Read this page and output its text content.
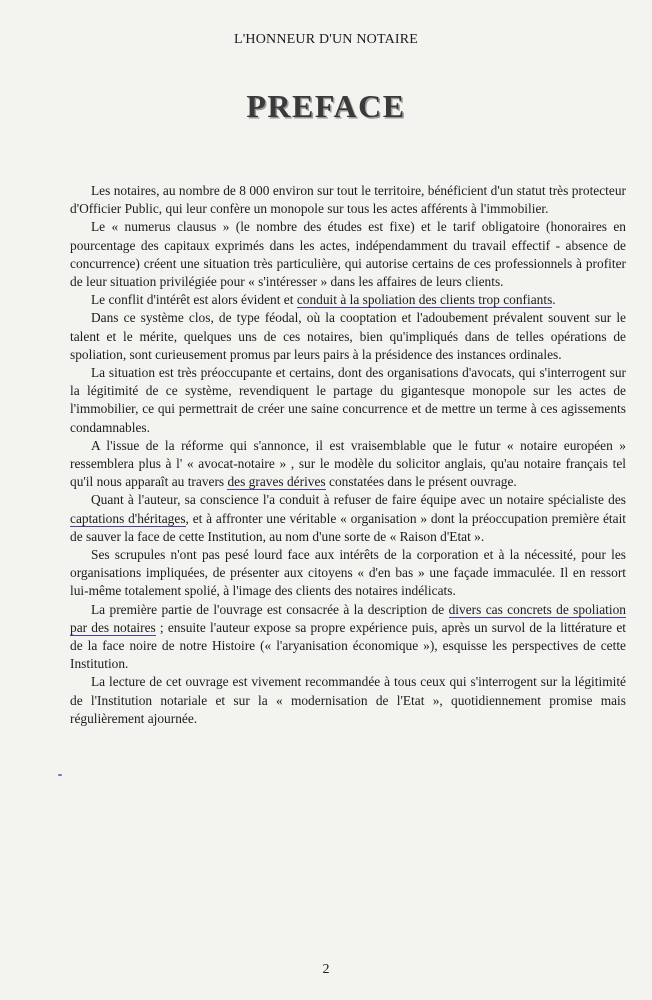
L'HONNEUR D'UN NOTAIRE

PREFACE

Les notaires, au nombre de 8 000 environ sur tout le territoire, bénéficient d'un statut très protecteur d'Officier Public, qui leur confère un monopole sur tous les actes afférents à l'immobilier.

Le « numerus clausus » (le nombre des études est fixe) et le tarif obligatoire (honoraires en pourcentage des capitaux exprimés dans les actes, indépendamment du travail effectif - absence de concurrence) créent une situation très particulière, qui autorise certains de ces professionnels à profiter de leur situation privilégiée pour « s'intéresser » dans les affaires de leurs clients.

Le conflit d'intérêt est alors évident et conduit à la spoliation des clients trop confiants.

Dans ce système clos, de type féodal, où la cooptation et l'adoubement prévalent souvent sur le talent et le mérite, quelques uns de ces notaires, bien qu'impliqués dans de telles opérations de spoliation, sont curieusement promus par leurs pairs à la présidence des instances ordinales.

La situation est très préoccupante et certains, dont des organisations d'avocats, qui s'interrogent sur la légitimité de ce système, revendiquent le partage du gigantesque monopole sur les actes de l'immobilier, ce qui permettrait de créer une saine concurrence et de mettre un terme à ces agissements condamnables.

A l'issue de la réforme qui s'annonce, il est vraisemblable que le futur « notaire européen » ressemblera plus à l' « avocat-notaire » , sur le modèle du solicitor anglais, qu'au notaire français tel qu'il nous apparaît au travers des graves dérives constatées dans le présent ouvrage.

Quant à l'auteur, sa conscience l'a conduit à refuser de faire équipe avec un notaire spécialiste des captations d'héritages, et à affronter une véritable « organisation » dont la préoccupation première était de sauver la face de cette Institution, au nom d'une sorte de « Raison d'Etat ».

Ses scrupules n'ont pas pesé lourd face aux intérêts de la corporation et à la nécessité, pour les organisations impliquées, de présenter aux citoyens « d'en bas » une façade immaculée. Il en ressort lui-même totalement spolié, à l'image des clients des notaires indélicats.

La première partie de l'ouvrage est consacrée à la description de divers cas concrets de spoliation par des notaires ; ensuite l'auteur expose sa propre expérience puis, après un survol de la littérature et de la face noire de notre Histoire (« l'aryanisation économique »), esquisse les perspectives de cette Institution.

La lecture de cet ouvrage est vivement recommandée à tous ceux qui s'interrogent sur la légitimité de l'Institution notariale et sur la « modernisation de l'Etat », quotidiennement promise mais régulièrement ajournée.

2
